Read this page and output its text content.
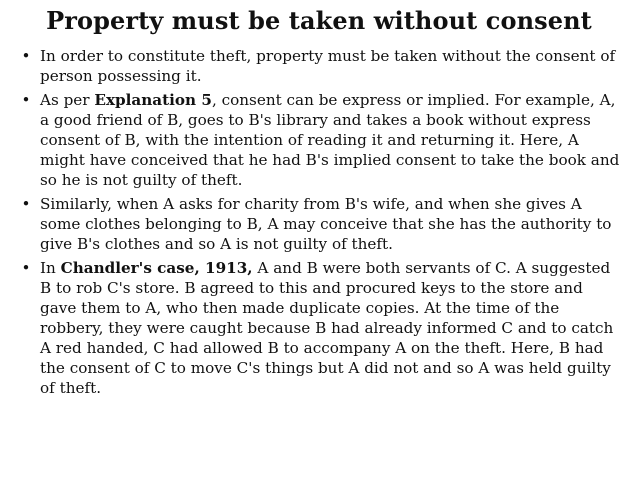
Property must be taken without consent
• In order to constitute theft, property must be taken without the consent of person possessing it.
• As per Explanation 5, consent can be express or implied. For example, A, a good friend of B, goes to B's library and takes a book without express consent of B, with the intention of reading it and returning it. Here, A might have conceived that he had B's implied consent to take the book and so he is not guilty of theft.
• Similarly, when A asks for charity from B's wife, and when she gives A some clothes belonging to B, A may conceive that she has the authority to give B's clothes and so A is not guilty of theft.
• In Chandler's case, 1913, A and B were both servants of C. A suggested B to rob C's store. B agreed to this and procured keys to the store and gave them to A, who then made duplicate copies. At the time of the robbery, they were caught because B had already informed C and to catch A red handed, C had allowed B to accompany A on the theft. Here, B had the consent of C to move C's things but A did not and so A was held guilty of theft.
